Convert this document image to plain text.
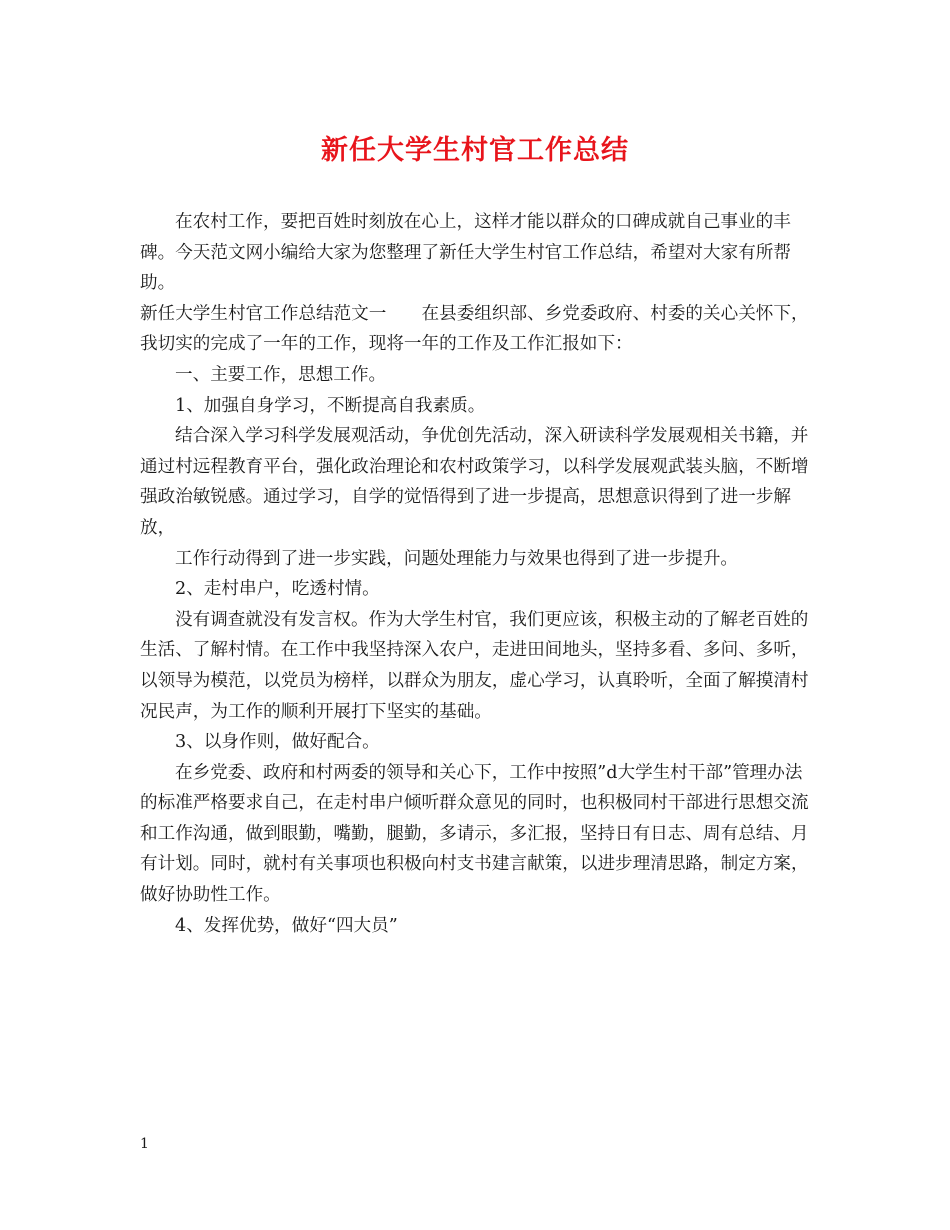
新任大学生村官工作总结

在农村工作，要把百姓时刻放在心上，这样才能以群众的口碑成就自己事业的丰碑。今天范文网小编给大家为您整理了新任大学生村官工作总结，希望对大家有所帮助。

新任大学生村官工作总结范文一　　在县委组织部、乡党委政府、村委的关心关怀下，我切实的完成了一年的工作，现将一年的工作及工作汇报如下：

一、主要工作，思想工作。

1、加强自身学习，不断提高自我素质。

结合深入学习科学发展观活动，争优创先活动，深入研读科学发展观相关书籍，并通过村远程教育平台，强化政治理论和农村政策学习，以科学发展观武装头脑，不断增强政治敏锐感。通过学习，自学的觉悟得到了进一步提高，思想意识得到了进一步解放，

工作行动得到了进一步实践，问题处理能力与效果也得到了进一步提升。

2、走村串户，吃透村情。

没有调查就没有发言权。作为大学生村官，我们更应该，积极主动的了解老百姓的生活、了解村情。在工作中我坚持深入农户，走进田间地头，坚持多看、多问、多听，以领导为模范，以党员为榜样，以群众为朋友，虚心学习，认真聆听，全面了解摸清村况民声，为工作的顺利开展打下坚实的基础。

3、以身作则，做好配合。

在乡党委、政府和村两委的领导和关心下，工作中按照”d大学生村干部”管理办法的标准严格要求自己，在走村串户倾听群众意见的同时，也积极同村干部进行思想交流和工作沟通，做到眼勤，嘴勤，腿勤，多请示，多汇报，坚持日有日志、周有总结、月有计划。同时，就村有关事项也积极向村支书建言献策，以进步理清思路，制定方案，做好协助性工作。

4、发挥优势，做好“四大员”

1
